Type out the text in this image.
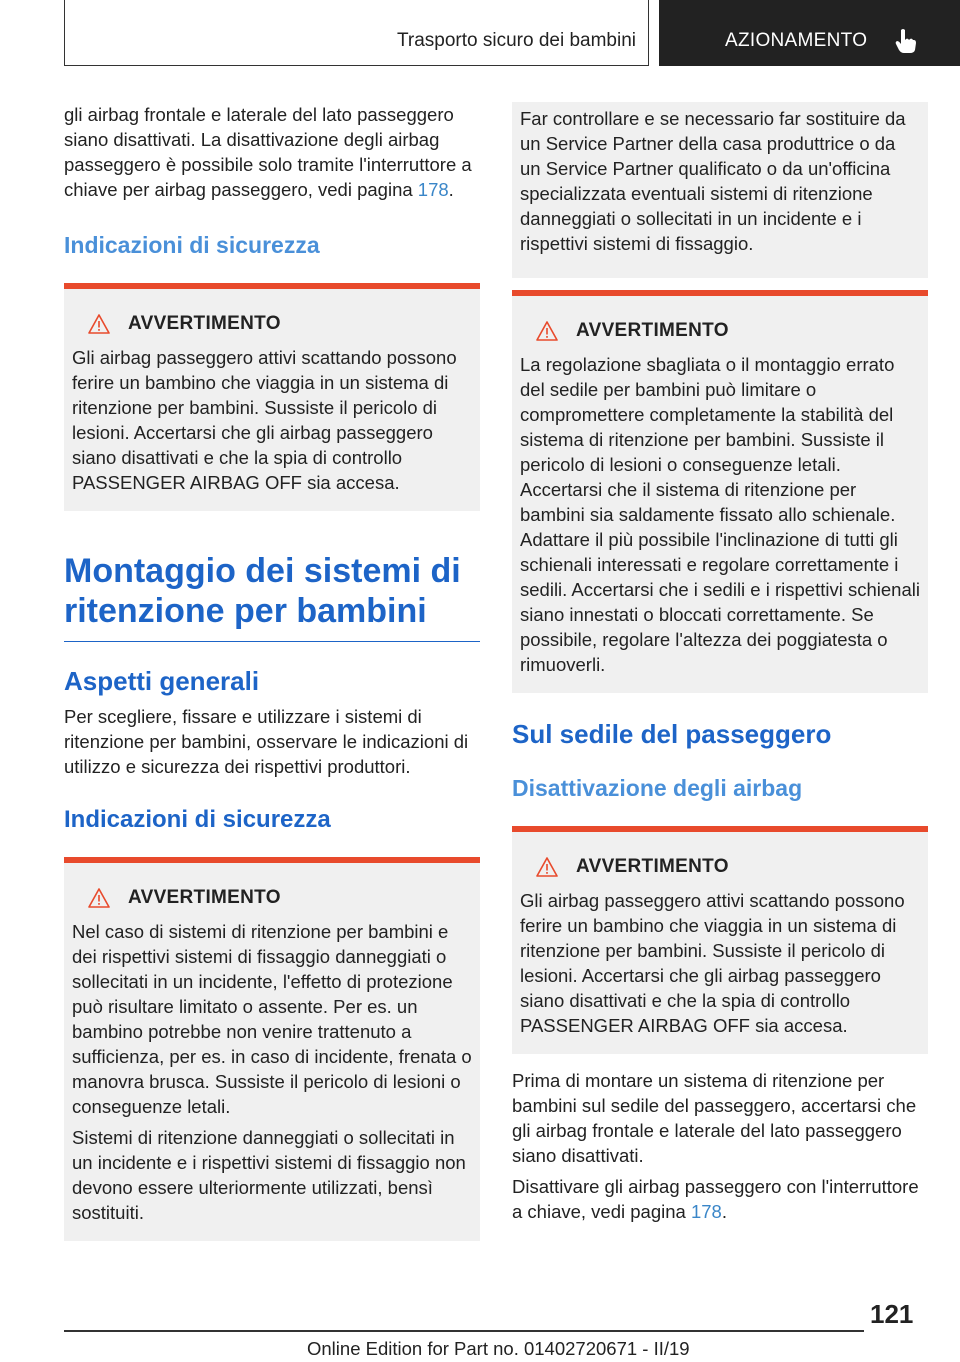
Trasporto sicuro dei bambini	AZIONAMENTO

gli airbag frontale e laterale del lato passeggero siano disattivati. La disattivazione degli airbag passeggero è possibile solo tramite l'interruttore a chiave per airbag passeggero, vedi pagina 178.

Indicazioni di sicurezza
AVVERTIMENTO

Gli airbag passeggero attivi scattando possono ferire un bambino che viaggia in un sistema di ritenzione per bambini. Sussiste il pericolo di lesioni. Accertarsi che gli airbag passeggero siano disattivati e che la spia di controllo PASSENGER AIRBAG OFF sia accesa.

Montaggio dei sistemi di ritenzione per bambini
Aspetti generali

Per scegliere, fissare e utilizzare i sistemi di ritenzione per bambini, osservare le indicazioni di utilizzo e sicurezza dei rispettivi produttori.

Indicazioni di sicurezza
AVVERTIMENTO

Nel caso di sistemi di ritenzione per bambini e dei rispettivi sistemi di fissaggio danneggiati o sollecitati in un incidente, l'effetto di protezione può risultare limitato o assente. Per es. un bambino potrebbe non venire trattenuto a sufficienza, per es. in caso di incidente, frenata o manovra brusca. Sussiste il pericolo di lesioni o conseguenze letali.

Sistemi di ritenzione danneggiati o sollecitati in un incidente e i rispettivi sistemi di fissaggio non devono essere ulteriormente utilizzati, bensì sostituiti.

Far controllare e se necessario far sostituire da un Service Partner della casa produttrice o da un Service Partner qualificato o da un'officina specializzata eventuali sistemi di ritenzione danneggiati o sollecitati in un incidente e i rispettivi sistemi di fissaggio.

AVVERTIMENTO

La regolazione sbagliata o il montaggio errato del sedile per bambini può limitare o compromettere completamente la stabilità del sistema di ritenzione per bambini. Sussiste il pericolo di lesioni o conseguenze letali. Accertarsi che il sistema di ritenzione per bambini sia saldamente fissato allo schienale. Adattare il più possibile l'inclinazione di tutti gli schienali interessati e regolare correttamente i sedili. Accertarsi che i sedili e i rispettivi schienali siano innestati o bloccati correttamente. Se possibile, regolare l'altezza dei poggiatesta o rimuoverli.

Sul sedile del passeggero
Disattivazione degli airbag
AVVERTIMENTO

Gli airbag passeggero attivi scattando possono ferire un bambino che viaggia in un sistema di ritenzione per bambini. Sussiste il pericolo di lesioni. Accertarsi che gli airbag passeggero siano disattivati e che la spia di controllo PASSENGER AIRBAG OFF sia accesa.

Prima di montare un sistema di ritenzione per bambini sul sedile del passeggero, accertarsi che gli airbag frontale e laterale del lato passeggero siano disattivati.

Disattivare gli airbag passeggero con l'interruttore a chiave, vedi pagina 178.

121
Online Edition for Part no. 01402720671 - II/19
